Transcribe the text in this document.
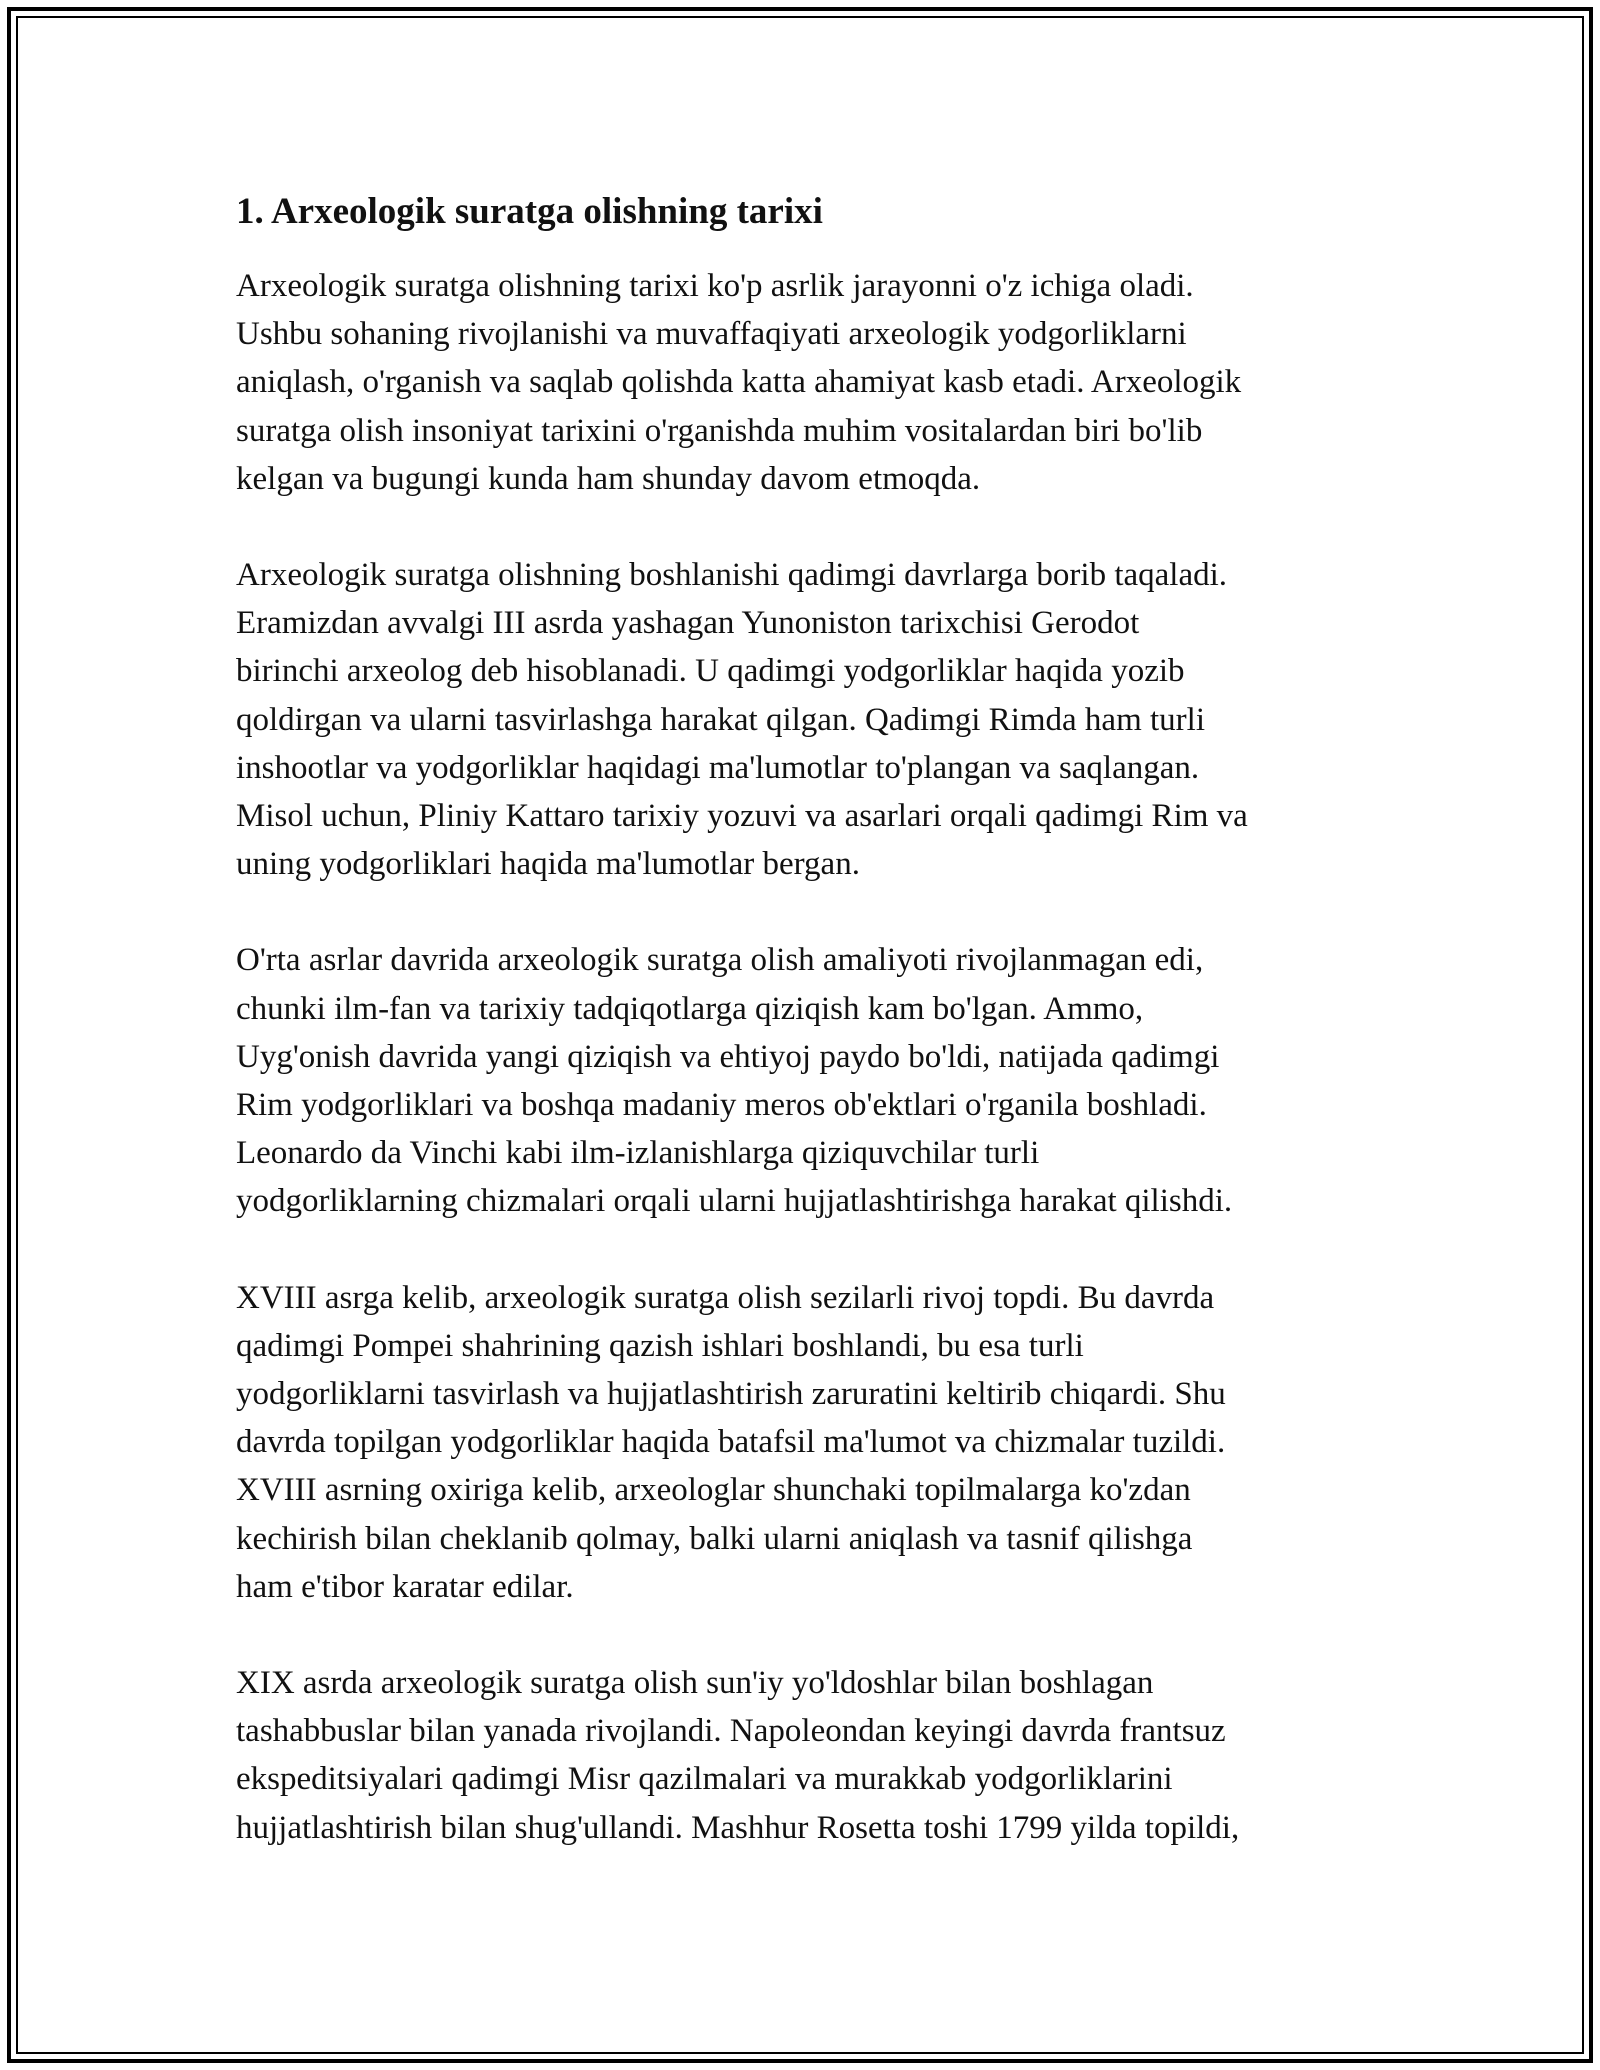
1. Arxeologik suratga olishning tarixi
Arxeologik suratga olishning tarixi ko'p asrlik jarayonni o'z ichiga oladi.
Ushbu sohaning rivojlanishi va muvaffaqiyati arxeologik yodgorliklarni
aniqlash, o'rganish va saqlab qolishda katta ahamiyat kasb etadi. Arxeologik
suratga olish insoniyat tarixini o'rganishda muhim vositalardan biri bo'lib
kelgan va bugungi kunda ham shunday davom etmoqda.
Arxeologik suratga olishning boshlanishi qadimgi davrlarga borib taqaladi.
Eramizdan avvalgi III asrda yashagan Yunoniston tarixchisi Gerodot
birinchi arxeolog deb hisoblanadi. U qadimgi yodgorliklar haqida yozib
qoldirgan va ularni tasvirlashga harakat qilgan. Qadimgi Rimda ham turli
inshootlar va yodgorliklar haqidagi ma'lumotlar to'plangan va saqlangan.
Misol uchun, Pliniy Kattaro tarixiy yozuvi va asarlari orqali qadimgi Rim va
uning yodgorliklari haqida ma'lumotlar bergan.
O'rta asrlar davrida arxeologik suratga olish amaliyoti rivojlanmagan edi,
chunki ilm-fan va tarixiy tadqiqotlarga qiziqish kam bo'lgan. Ammo,
Uyg'onish davrida yangi qiziqish va ehtiyoj paydo bo'ldi, natijada qadimgi
Rim yodgorliklari va boshqa madaniy meros ob'ektlari o'rganila boshladi.
Leonardo da Vinchi kabi ilm-izlanishlarga qiziquvchilar turli
yodgorliklarning chizmalari orqali ularni hujjatlashtirishga harakat qilishdi.
XVIII asrga kelib, arxeologik suratga olish sezilarli rivoj topdi. Bu davrda
qadimgi Pompei shahrining qazish ishlari boshlandi, bu esa turli
yodgorliklarni tasvirlash va hujjatlashtirish zaruratini keltirib chiqardi. Shu
davrda topilgan yodgorliklar haqida batafsil ma'lumot va chizmalar tuzildi.
XVIII asrning oxiriga kelib, arxeologlar shunchaki topilmalarga ko'zdan
kechirish bilan cheklanib qolmay, balki ularni aniqlash va tasnif qilishga
ham e'tibor karatar edilar.
XIX asrda arxeologik suratga olish sun'iy yo'ldoshlar bilan boshlagan
tashabbuslar bilan yanada rivojlandi. Napoleondan keyingi davrda frantsuz
ekspeditsiyalari qadimgi Misr qazilmalari va murakkab yodgorliklarini
hujjatlashtirish bilan shug'ullandi. Mashhur Rosetta toshi 1799 yilda topildi,
